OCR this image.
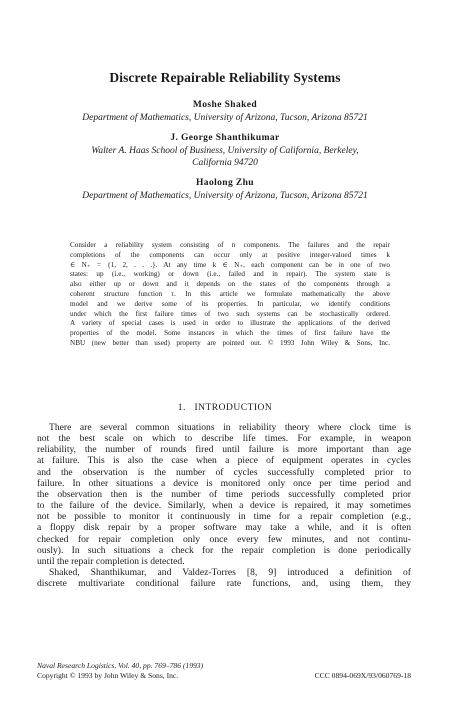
Discrete Repairable Reliability Systems
Moshe Shaked
Department of Mathematics, University of Arizona, Tucson, Arizona 85721
J. George Shanthikumar
Walter A. Haas School of Business, University of California, Berkeley,
California 94720
Haolong Zhu
Department of Mathematics, University of Arizona, Tucson, Arizona 85721
Consider a reliability system consisting of n components. The failures and the repair
completions of the components can occur only at positive integer-valued times k
∈ N₊ = {1, 2, . . .}. At any time k ∈ N₊, each component can be in one of two
states: up (i.e., working) or down (i.e., failed and in repair). The system state is
also either up or down and it depends on the states of the components through a
coherent structure function τ. In this article we formulate mathematically the above
model and we derive some of its properties. In particular, we identify conditions
under which the first failure times of two such systems can be stochastically ordered.
A variety of special cases is used in order to illustrate the applications of the derived
properties of the model. Some instances in which the times of first failure have the
NBU (new better than used) property are pointed out. © 1993 John Wiley & Sons, Inc.
1. INTRODUCTION
There are several common situations in reliability theory where clock time is
not the best scale on which to describe life times. For example, in weapon
reliability, the number of rounds fired until failure is more important than age
at failure. This is also the case when a piece of equipment operates in cycles
and the observation is the number of cycles successfully completed prior to
failure. In other situations a device is monitored only once per time period and
the observation then is the number of time periods successfully completed prior
to the failure of the device. Similarly, when a device is repaired, it may sometimes
not be possible to monitor it continuously in time for a repair completion (e.g.,
a floppy disk repair by a proper software may take a while, and it is often
checked for repair completion only once every few minutes, and not continu-
ously). In such situations a check for the repair completion is done periodically
until the repair completion is detected.
Shaked, Shanthikumar, and Valdez-Torres [8, 9] introduced a definition of
discrete multivariate conditional failure rate functions, and, using them, they
Naval Research Logistics, Vol. 40, pp. 769–786 (1993)
Copyright © 1993 by John Wiley & Sons, Inc.	CCC 0894-069X/93/060769-18
